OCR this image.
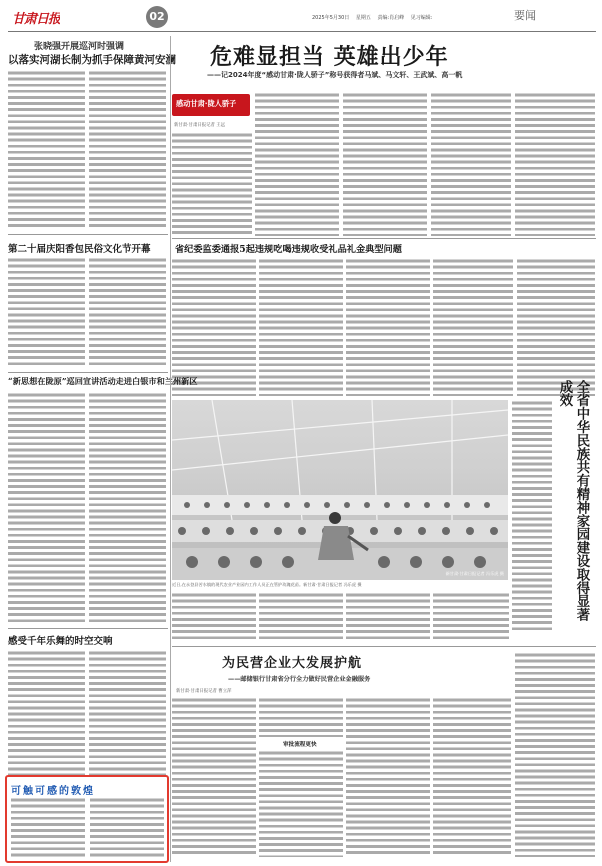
甘肃日报	02	2025年5月30日 星期五 责编:肖启峰 见习编辑:	要闻
张晓强开展巡河时强调
以落实河湖长制为抓手保障黄河安澜 危难显担当 英雄出少年
——记2024年度“感动甘肃·陇人骄子”称号获得者马斌、马文轩、王武斌、高一帆
感动甘肃·陇人骄子
新甘肃·甘肃日报记者 王远
第二十届庆阳香包民俗文化节开幕	省纪委监委通报5起违规吃喝违规收受礼品礼金典型问题
“新思想在陇原”巡回宣讲活动走进白银市和兰州新区
新甘肃·甘肃日报记者 冯乐虎 摄
近日,在永登县苦水镇的现代农业产业园内工作人员正在管护玫瑰花苗。新甘肃·甘肃日报记者 冯乐虎 摄	全省中华民族共有精神家园建设取得显著成效
感受千年乐舞的时空交响
可触可感的敦煌
为民营企业大发展护航
——邮储银行甘肃省分行全力做好民营企业金融服务
新甘肃·甘肃日报记者 曹立萍
审批流程更快
